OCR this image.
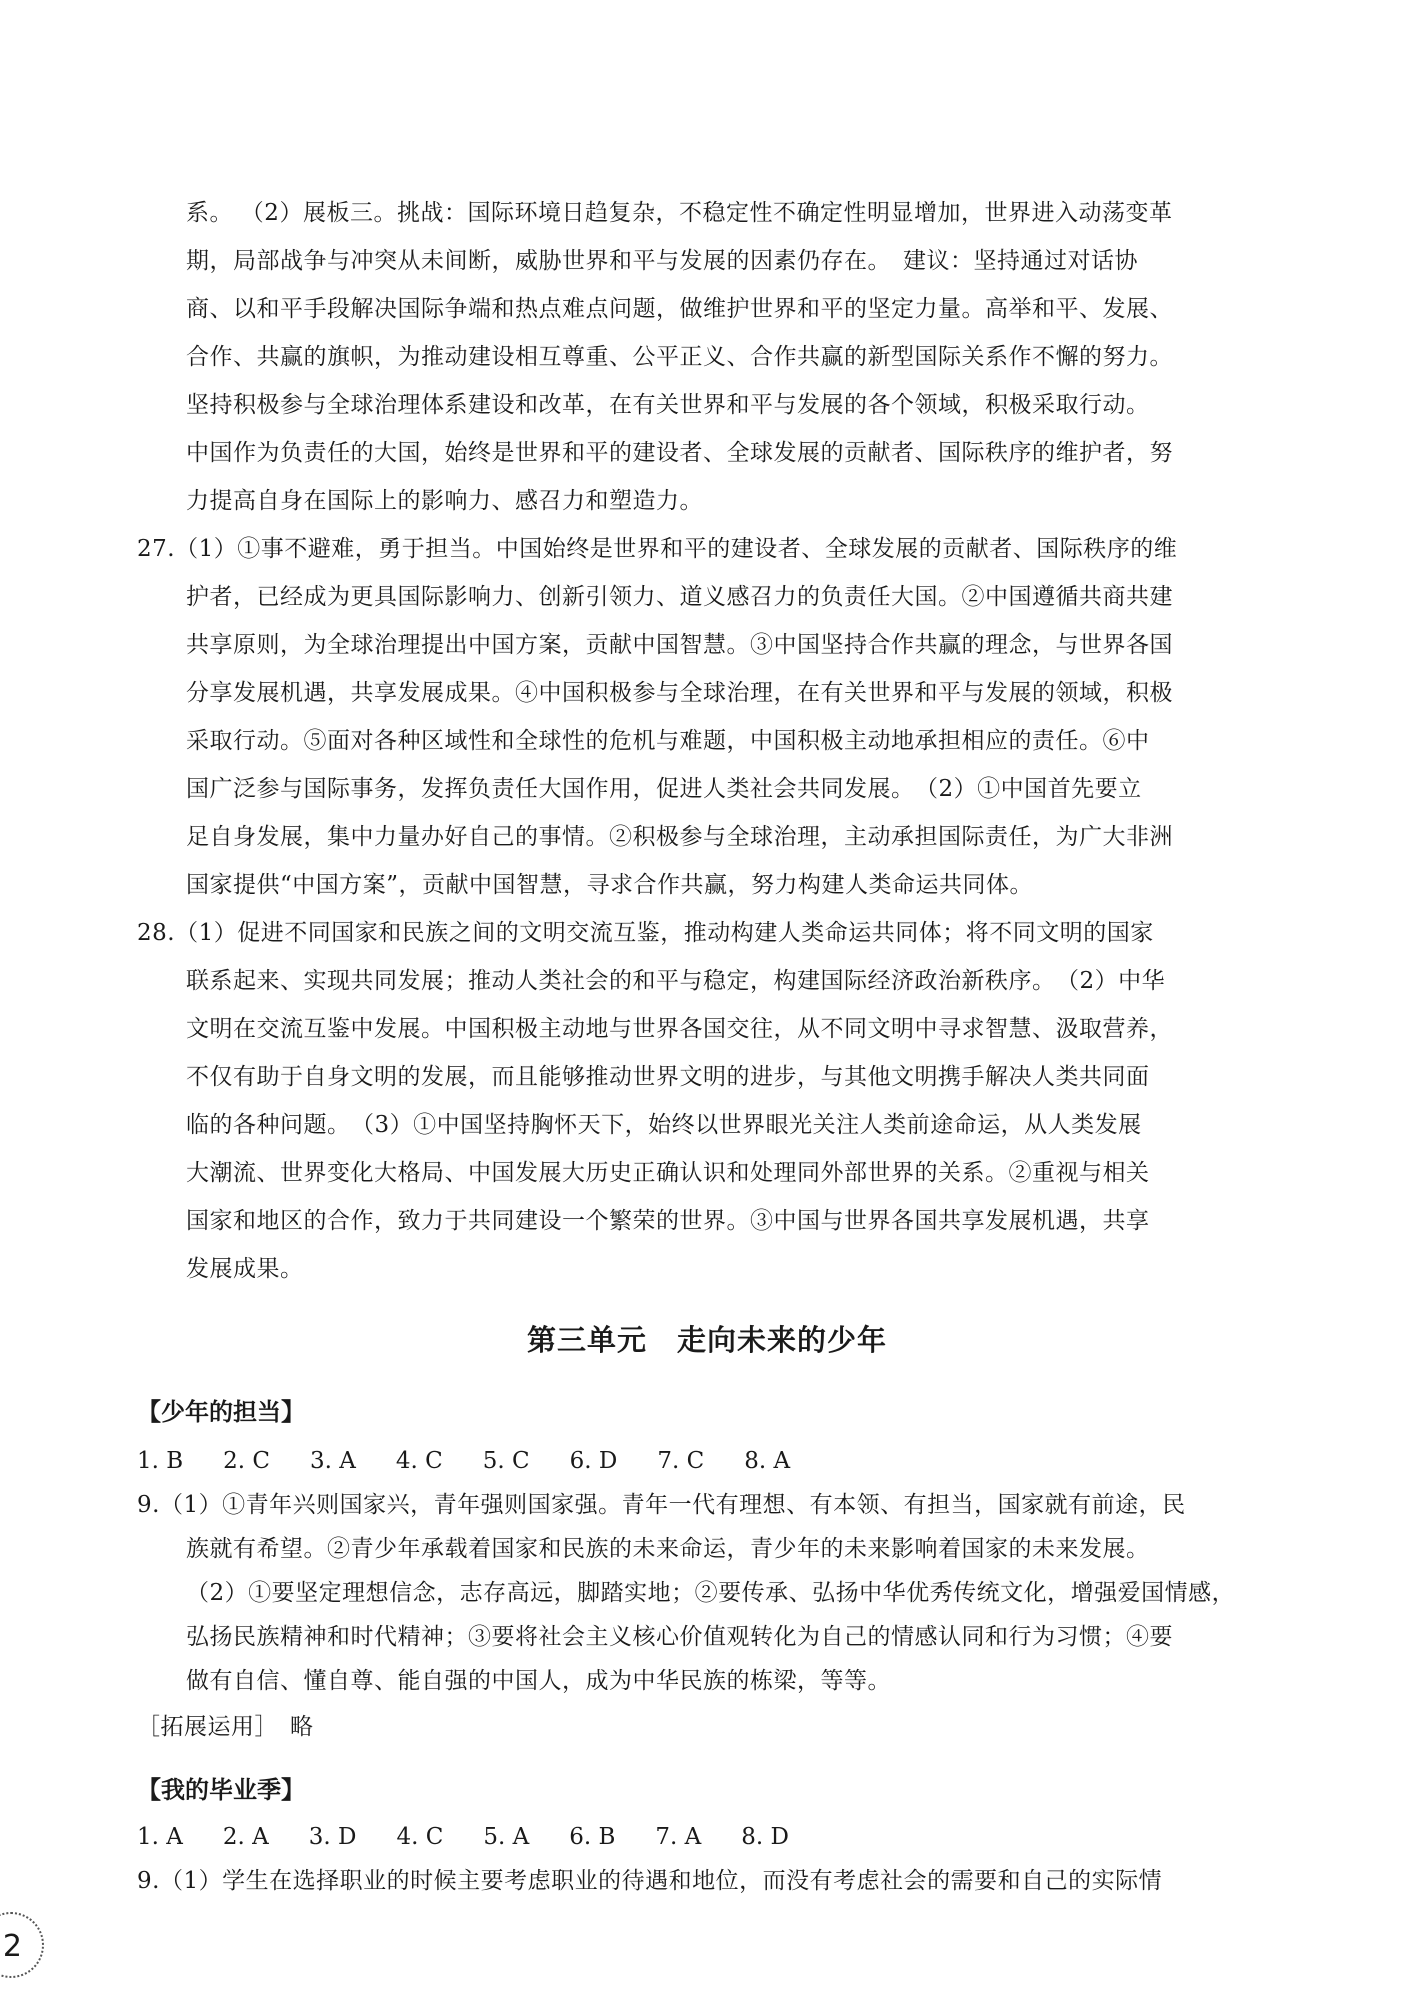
系。 （2）展板三。挑战：国际环境日趋复杂，不稳定性不确定性明显增加，世界进入动荡变革
期，局部战争与冲突从未间断，威胁世界和平与发展的因素仍存在。　建议：坚持通过对话协
商、以和平手段解决国际争端和热点难点问题，做维护世界和平的坚定力量。高举和平、发展、
合作、共赢的旗帜，为推动建设相互尊重、公平正义、合作共赢的新型国际关系作不懈的努力。
坚持积极参与全球治理体系建设和改革，在有关世界和平与发展的各个领域，积极采取行动。
中国作为负责任的大国，始终是世界和平的建设者、全球发展的贡献者、国际秩序的维护者，努
力提高自身在国际上的影响力、感召力和塑造力。
27.（1）①事不避难，勇于担当。中国始终是世界和平的建设者、全球发展的贡献者、国际秩序的维
护者，已经成为更具国际影响力、创新引领力、道义感召力的负责任大国。②中国遵循共商共建
共享原则，为全球治理提出中国方案，贡献中国智慧。③中国坚持合作共赢的理念，与世界各国
分享发展机遇，共享发展成果。④中国积极参与全球治理，在有关世界和平与发展的领域，积极
采取行动。⑤面对各种区域性和全球性的危机与难题，中国积极主动地承担相应的责任。⑥中
国广泛参与国际事务，发挥负责任大国作用，促进人类社会共同发展。　（2）①中国首先要立
足自身发展，集中力量办好自己的事情。②积极参与全球治理，主动承担国际责任，为广大非洲
国家提供“中国方案”，贡献中国智慧，寻求合作共赢，努力构建人类命运共同体。
28.（1）促进不同国家和民族之间的文明交流互鉴，推动构建人类命运共同体；将不同文明的国家
联系起来、实现共同发展；推动人类社会的和平与稳定，构建国际经济政治新秩序。　（2）中华
文明在交流互鉴中发展。中国积极主动地与世界各国交往，从不同文明中寻求智慧、汲取营养，
不仅有助于自身文明的发展，而且能够推动世界文明的进步，与其他文明携手解决人类共同面
临的各种问题。　（3）①中国坚持胸怀天下，始终以世界眼光关注人类前途命运，从人类发展
大潮流、世界变化大格局、中国发展大历史正确认识和处理同外部世界的关系。②重视与相关
第三单元　走向未来的少年
【少年的担当】
1. B 2. C 3. A 4. C 5. C 6. D 7. C 8. A
9.（1）①青年兴则国家兴，青年强则国家强。青年一代有理想、有本领、有担当，国家就有前途，民
族就有希望。②青少年承载着国家和民族的未来命运，青少年的未来影响着国家的未来发展。
（2）①要坚定理想信念，志存高远，脚踏实地；②要传承、弘扬中华优秀传统文化，增强爱国情感，
弘扬民族精神和时代精神；③要将社会主义核心价值观转化为自己的情感认同和行为习惯；④要
做有自信、懂自尊、能自强的中国人，成为中华民族的栋梁，等等。
［拓展运用］　略
【我的毕业季】
1. A 2. A 3. D 4. C 5. A 6. B 7. A 8. D
9.（1）学生在选择职业的时候主要考虑职业的待遇和地位，而没有考虑社会的需要和自己的实际情
2
国家和地区的合作，致力于共同建设一个繁荣的世界。③中国与世界各国共享发展机遇，共享
发展成果。
